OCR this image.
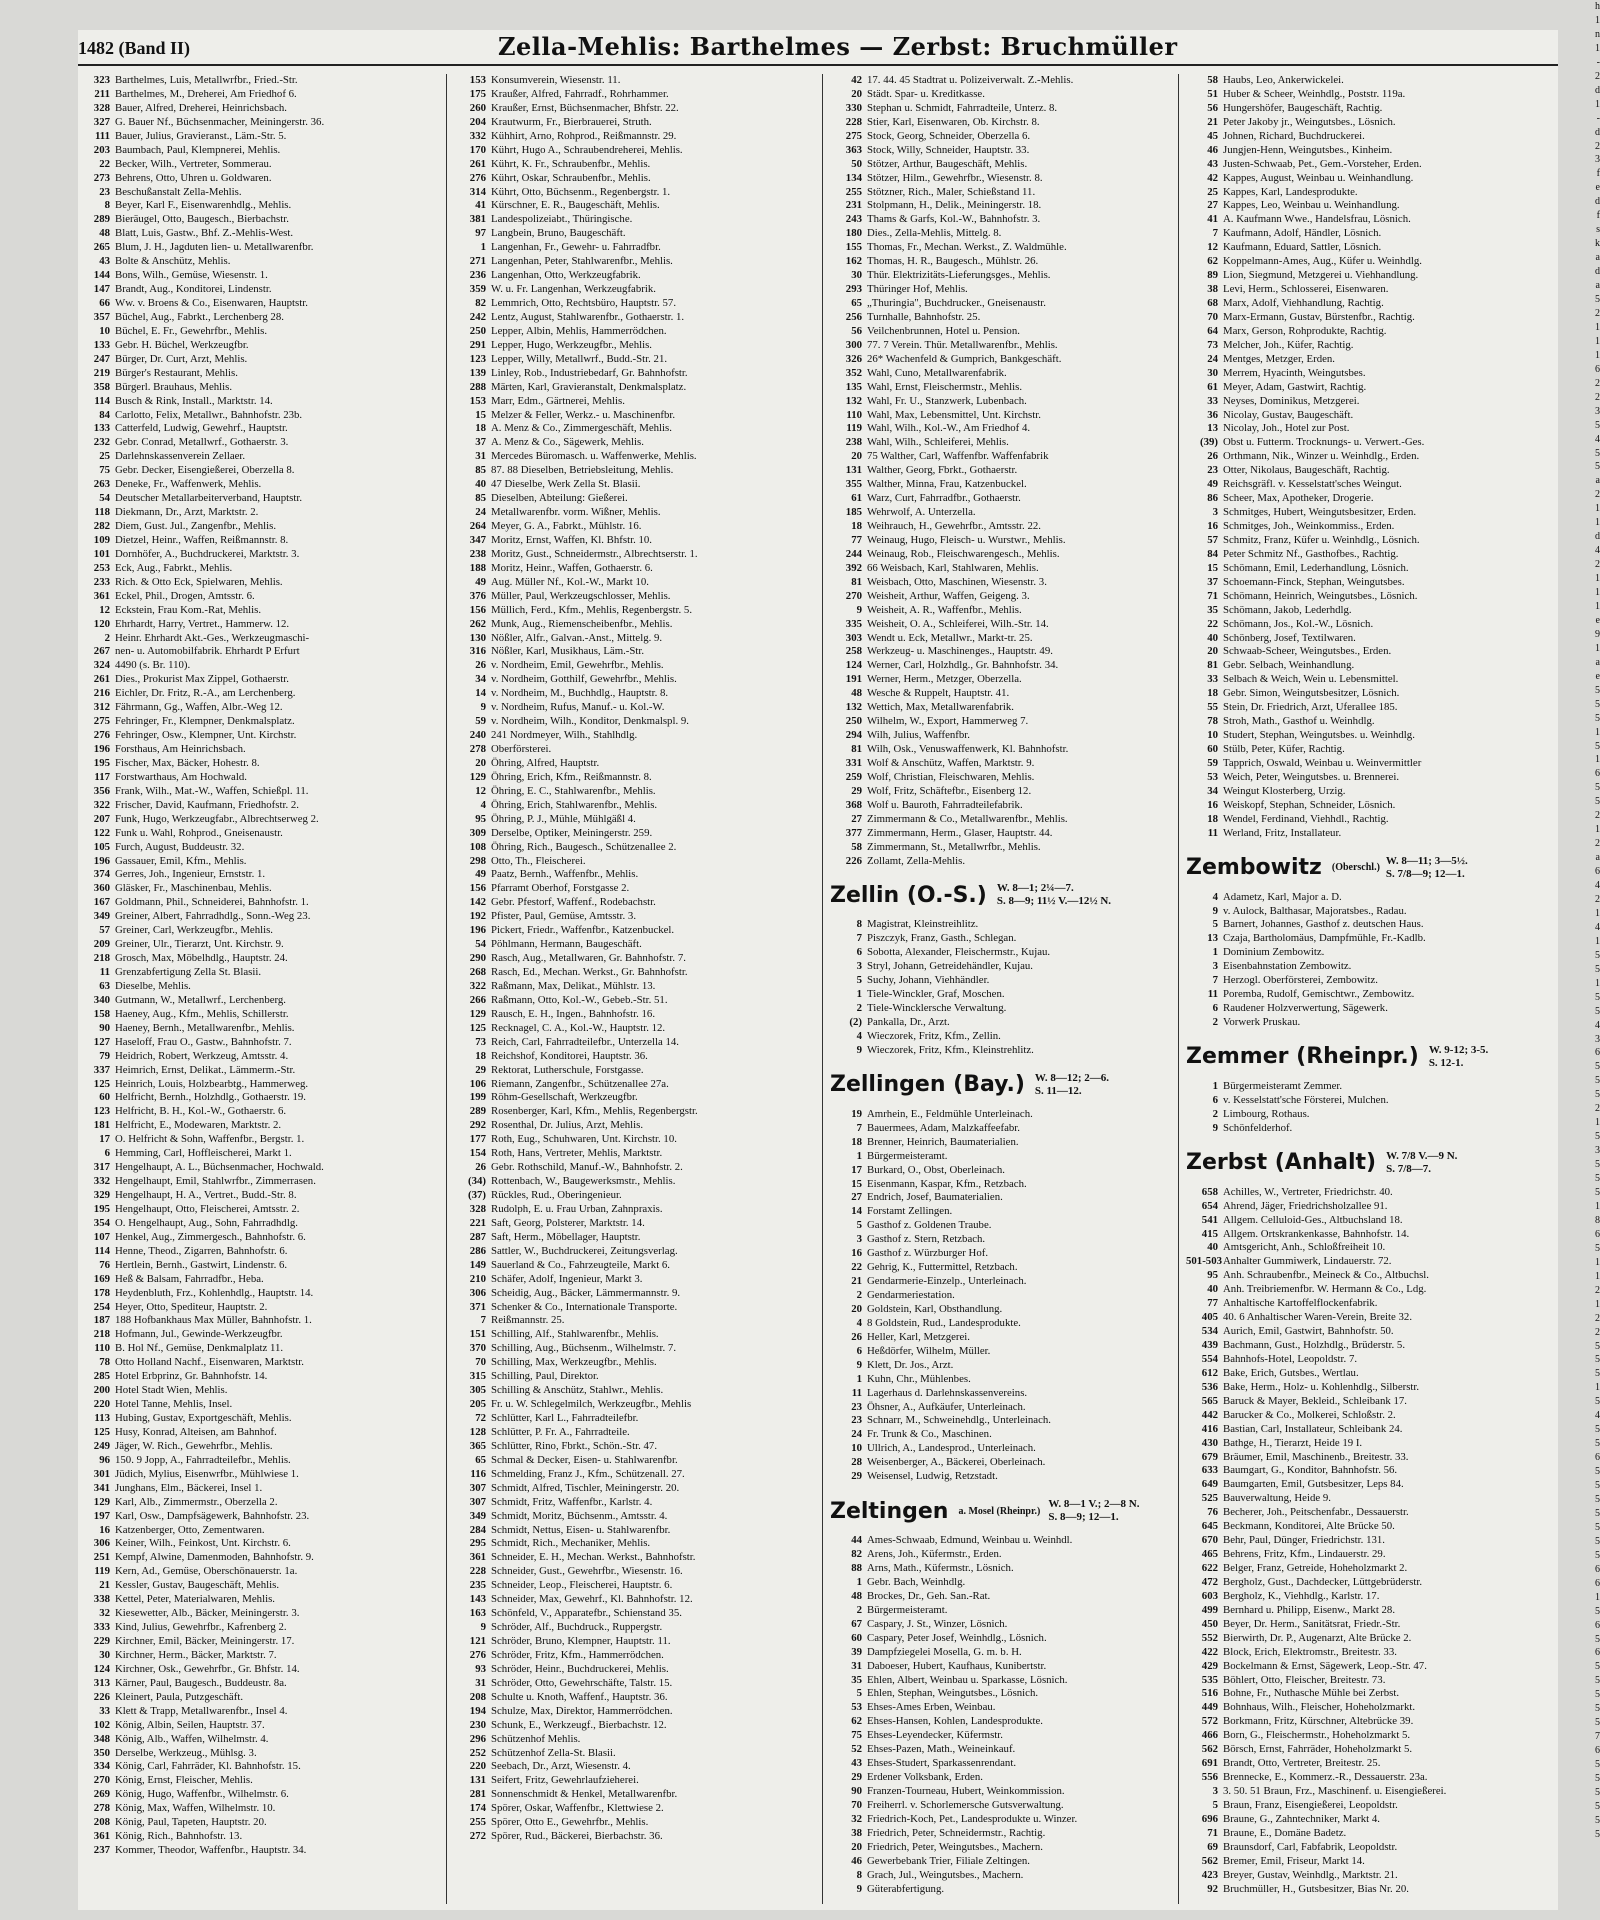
1482 (Band II)	Zella-Mehlis: Barthelmes — Zerbst: Bruchmüller
323 Barthelmes, Luis, Metallwrfbr., Fried.-Str.
211 Barthelmes, M., Dreherei, Am Friedhof 6.
328 Bauer, Alfred, Dreherei, Heinrichsbach.
327 G. Bauer Nf., Büchsenmacher, Meiningerstr. 36.
111 Bauer, Julius, Gravieranst., Läm.-Str. 5.
203 Baumbach, Paul, Klempnerei, Mehlis.
22 Becker, Wilh., Vertreter, Sommerau.
273 Behrens, Otto, Uhren u. Goldwaren.
23 Beschußanstalt Zella-Mehlis.
8 Beyer, Karl F., Eisenwarenhdlg., Mehlis.
289 Bieräugel, Otto, Baugesch., Bierbachstr.
48 Blatt, Luis, Gastw., Bhf. Z.-Mehlis-West.
265 Blum, J. H., Jagduten lien- u. Metallwarenfbr.
43 Bolte & Anschütz, Mehlis.
144 Bons, Wilh., Gemüse, Wiesenstr. 1.
147 Brandt, Aug., Konditorei, Lindenstr.
66 Ww. v. Broens & Co., Eisenwaren, Hauptstr.
357 Büchel, Aug., Fabrkt., Lerchenberg 28.
10 Büchel, E. Fr., Gewehrfbr., Mehlis.
133 Gebr. H. Büchel, Werkzeugfbr.
247 Bürger, Dr. Curt, Arzt, Mehlis.
219 Bürger's Restaurant, Mehlis.
358 Bürgerl. Brauhaus, Mehlis.
114 Busch & Rink, Install., Marktstr. 14.
84 Carlotto, Felix, Metallwr., Bahnhofstr. 23b.
133 Catterfeld, Ludwig, Gewehrf., Hauptstr.
232 Gebr. Conrad, Metallwrf., Gothaerstr. 3.
25 Darlehnskassenverein Zellaer.
75 Gebr. Decker, Eisengießerei, Oberzella 8.
263 Deneke, Fr., Waffenwerk, Mehlis.
54 Deutscher Metallarbeiterverband, Hauptstr.
118 Diekmann, Dr., Arzt, Marktstr. 2.
282 Diem, Gust. Jul., Zangenfbr., Mehlis.
109 Dietzel, Heinr., Waffen, Reißmannstr. 8.
101 Dornhöfer, A., Buchdruckerei, Marktstr. 3.
253 Eck, Aug., Fabrkt., Mehlis.
233 Rich. & Otto Eck, Spielwaren, Mehlis.
361 Eckel, Phil., Drogen, Amtsstr. 6.
12 Eckstein, Frau Kom.-Rat, Mehlis.
120 Ehrhardt, Harry, Vertret., Hammerw. 12.
2 Heinr. Ehrhardt Akt.-Ges., Werkzeugmaschi-
267 nen- u. Automobilfabrik. Ehrhardt P Erfurt
324 4490 (s. Br. 110).
261 Dies., Prokurist Max Zippel, Gothaerstr.
216 Eichler, Dr. Fritz, R.-A., am Lerchenberg.
312 Fährmann, Gg., Waffen, Albr.-Weg 12.
275 Fehringer, Fr., Klempner, Denkmalsplatz.
276 Fehringer, Osw., Klempner, Unt. Kirchstr.
196 Forsthaus, Am Heinrichsbach.
195 Fischer, Max, Bäcker, Hohestr. 8.
117 Forstwarthaus, Am Hochwald.
356 Frank, Wilh., Mat.-W., Waffen, Schießpl. 11.
322 Frischer, David, Kaufmann, Friedhofstr. 2.
207 Funk, Hugo, Werkzeugfabr., Albrechtserweg 2.
122 Funk u. Wahl, Rohprod., Gneisenaustr.
105 Furch, August, Buddeustr. 32.
196 Gassauer, Emil, Kfm., Mehlis.
374 Gerres, Joh., Ingenieur, Ernststr. 1.
360 Gläsker, Fr., Maschinenbau, Mehlis.
167 Goldmann, Phil., Schneiderei, Bahnhofstr. 1.
349 Greiner, Albert, Fahrradhdlg., Sonn.-Weg 23.
57 Greiner, Carl, Werkzeugfbr., Mehlis.
209 Greiner, Ulr., Tierarzt, Unt. Kirchstr. 9.
218 Grosch, Max, Möbelhdlg., Hauptstr. 24.
11 Grenzabfertigung Zella St. Blasii.
63 Dieselbe, Mehlis.
340 Gutmann, W., Metallwrf., Lerchenberg.
158 Haeney, Aug., Kfm., Mehlis, Schillerstr.
90 Haeney, Bernh., Metallwarenfbr., Mehlis.
127 Haseloff, Frau O., Gastw., Bahnhofstr. 7.
79 Heidrich, Robert, Werkzeug, Amtsstr. 4.
337 Heimrich, Ernst, Delikat., Lämmerm.-Str.
125 Heinrich, Louis, Holzbearbtg., Hammerweg.
60 Helfricht, Bernh., Holzhdlg., Gothaerstr. 19.
123 Helfricht, B. H., Kol.-W., Gothaerstr. 6.
181 Helfricht, E., Modewaren, Marktstr. 2.
17 O. Helfricht & Sohn, Waffenfbr., Bergstr. 1.
6 Hemming, Carl, Hoffleischerei, Markt 1.
317 Hengelhaupt, A. L., Büchsenmacher, Hochwald.
332 Hengelhaupt, Emil, Stahlwrfbr., Zimmerrasen.
329 Hengelhaupt, H. A., Vertret., Budd.-Str. 8.
195 Hengelhaupt, Otto, Fleischerei, Amtsstr. 2.
354 O. Hengelhaupt, Aug., Sohn, Fahrradhdlg.
107 Henkel, Aug., Zimmergesch., Bahnhofstr. 6.
114 Henne, Theod., Zigarren, Bahnhofstr. 6.
76 Hertlein, Bernh., Gastwirt, Lindenstr. 6.
169 Heß & Balsam, Fahrradfbr., Heba.
178 Heydenbluth, Frz., Kohlenhdlg., Hauptstr. 14.
254 Heyer, Otto, Spediteur, Hauptstr. 2.
187 188 Hofbankhaus Max Müller, Bahnhofstr. 1.
218 Hofmann, Jul., Gewinde-Werkzeugfbr.
110 B. Hol Nf., Gemüse, Denkmalplatz 11.
78 Otto Holland Nachf., Eisenwaren, Marktstr.
285 Hotel Erbprinz, Gr. Bahnhofstr. 14.
200 Hotel Stadt Wien, Mehlis.
220 Hotel Tanne, Mehlis, Insel.
113 Hubing, Gustav, Exportgeschäft, Mehlis.
125 Husy, Konrad, Alteisen, am Bahnhof.
249 Jäger, W. Rich., Gewehrfbr., Mehlis.
96 150. 9 Jopp, A., Fahrradteilefbr., Mehlis.
301 Jüdich, Mylius, Eisenwrfbr., Mühlwiese 1.
341 Junghans, Elm., Bäckerei, Insel 1.
129 Karl, Alb., Zimmermstr., Oberzella 2.
197 Karl, Osw., Dampfsägewerk, Bahnhofstr. 23.
16 Katzenberger, Otto, Zementwaren.
306 Keiner, Wilh., Feinkost, Unt. Kirchstr. 6.
251 Kempf, Alwine, Damenmoden, Bahnhofstr. 9.
119 Kern, Ad., Gemüse, Oberschönauerstr. 1a.
21 Kessler, Gustav, Baugeschäft, Mehlis.
338 Kettel, Peter, Materialwaren, Mehlis.
32 Kiesewetter, Alb., Bäcker, Meiningerstr. 3.
333 Kind, Julius, Gewehrfbr., Kafrenberg 2.
229 Kirchner, Emil, Bäcker, Meiningerstr. 17.
30 Kirchner, Herm., Bäcker, Marktstr. 7.
124 Kirchner, Osk., Gewehrfbr., Gr. Bhfstr. 14.
313 Kärner, Paul, Baugesch., Buddeustr. 8a.
226 Kleinert, Paula, Putzgeschäft.
33 Klett & Trapp, Metallwarenfbr., Insel 4.
102 König, Albin, Seilen, Hauptstr. 37.
348 König, Alb., Waffen, Wilhelmstr. 4.
350 Derselbe, Werkzeug., Mühlsg. 3.
334 König, Carl, Fahrräder, Kl. Bahnhofstr. 15.
270 König, Ernst, Fleischer, Mehlis.
269 König, Hugo, Waffenfbr., Wilhelmstr. 6.
278 König, Max, Waffen, Wilhelmstr. 10.
208 König, Paul, Tapeten, Hauptstr. 20.
361 König, Rich., Bahnhofstr. 13.
237 Kommer, Theodor, Waffenfbr., Hauptstr. 34.
153 Konsumverein, Wiesenstr. 11.
175 Kraußer, Alfred, Fahrradf., Rohrhammer.
260 Kraußer, Ernst, Büchsenmacher, Bhfstr. 22.
204 Krautwurm, Fr., Bierbrauerei, Struth.
332 Kühhirt, Arno, Rohprod., Reißmannstr. 29.
170 Kührt, Hugo A., Schraubendreherei, Mehlis.
261 Kührt, K. Fr., Schraubenfbr., Mehlis.
276 Kührt, Oskar, Schraubenfbr., Mehlis.
314 Kührt, Otto, Büchsenm., Regenbergstr. 1.
41 Kürschner, E. R., Baugeschäft, Mehlis.
381 Landespolizeiabt., Thüringische.
97 Langbein, Bruno, Baugeschäft.
1 Langenhan, Fr., Gewehr- u. Fahrradfbr.
271 Langenhan, Peter, Stahlwarenfbr., Mehlis.
236 Langenhan, Otto, Werkzeugfabrik.
359 W. u. Fr. Langenhan, Werkzeugfabrik.
82 Lemmrich, Otto, Rechtsbüro, Hauptstr. 57.
242 Lentz, August, Stahlwarenfbr., Gothaerstr. 1.
250 Lepper, Albin, Mehlis, Hammerrödchen.
291 Lepper, Hugo, Werkzeugfbr., Mehlis.
123 Lepper, Willy, Metallwrf., Budd.-Str. 21.
139 Linley, Rob., Industriebedarf, Gr. Bahnhofstr.
288 Märten, Karl, Gravieranstalt, Denkmalsplatz.
153 Marr, Edm., Gärtnerei, Mehlis.
15 Melzer & Feller, Werkz.- u. Maschinenfbr.
18 A. Menz & Co., Zimmergeschäft, Mehlis.
37 A. Menz & Co., Sägewerk, Mehlis.
31 Mercedes Büromasch. u. Waffenwerke, Mehlis.
85 87. 88 Dieselben, Betriebsleitung, Mehlis.
40 47 Dieselbe, Werk Zella St. Blasii.
85 Dieselben, Abteilung: Gießerei.
24 Metallwarenfbr. vorm. Wißner, Mehlis.
264 Meyer, G. A., Fabrkt., Mühlstr. 16.
347 Moritz, Ernst, Waffen, Kl. Bhfstr. 10.
238 Moritz, Gust., Schneidermstr., Albrechtserstr. 1.
188 Moritz, Heinr., Waffen, Gothaerstr. 6.
49 Aug. Müller Nf., Kol.-W., Markt 10.
376 Müller, Paul, Werkzeugschlosser, Mehlis.
156 Müllich, Ferd., Kfm., Mehlis, Regenbergstr. 5.
262 Munk, Aug., Riemenscheibenfbr., Mehlis.
130 Nößler, Alfr., Galvan.-Anst., Mittelg. 9.
316 Nößler, Karl, Musikhaus, Läm.-Str.
26 v. Nordheim, Emil, Gewehrfbr., Mehlis.
34 v. Nordheim, Gotthilf, Gewehrfbr., Mehlis.
14 v. Nordheim, M., Buchhdlg., Hauptstr. 8.
9 v. Nordheim, Rufus, Manuf.- u. Kol.-W.
59 v. Nordheim, Wilh., Konditor, Denkmalspl. 9.
240 241 Nordmeyer, Wilh., Stahlhdlg.
278 Oberförsterei.
20 Öhring, Alfred, Hauptstr.
129 Öhring, Erich, Kfm., Reißmannstr. 8.
12 Öhring, E. C., Stahlwarenfbr., Mehlis.
4 Öhring, Erich, Stahlwarenfbr., Mehlis.
95 Öhring, P. J., Mühle, Mühlgäßl 4.
309 Derselbe, Optiker, Meiningerstr. 259.
108 Öhring, Rich., Baugesch., Schützenallee 2.
298 Otto, Th., Fleischerei.
49 Paatz, Bernh., Waffenfbr., Mehlis.
156 Pfarramt Oberhof, Forstgasse 2.
142 Gebr. Pfestorf, Waffenf., Rodebachstr.
192 Pfister, Paul, Gemüse, Amtsstr. 3.
196 Pickert, Friedr., Waffenfbr., Katzenbuckel.
54 Pöhlmann, Hermann, Baugeschäft.
290 Rasch, Aug., Metallwaren, Gr. Bahnhofstr. 7.
268 Rasch, Ed., Mechan. Werkst., Gr. Bahnhofstr.
322 Raßmann, Max, Delikat., Mühlstr. 13.
266 Raßmann, Otto, Kol.-W., Gebeb.-Str. 51.
129 Rausch, E. H., Ingen., Bahnhofstr. 16.
125 Recknagel, C. A., Kol.-W., Hauptstr. 12.
73 Reich, Carl, Fahrradteilefbr., Unterzella 14.
18 Reichshof, Konditorei, Hauptstr. 36.
29 Rektorat, Lutherschule, Forstgasse.
106 Riemann, Zangenfbr., Schützenallee 27a.
199 Röhm-Gesellschaft, Werkzeugfbr.
289 Rosenberger, Karl, Kfm., Mehlis, Regenbergstr.
292 Rosenthal, Dr. Julius, Arzt, Mehlis.
177 Roth, Eug., Schuhwaren, Unt. Kirchstr. 10.
154 Roth, Hans, Vertreter, Mehlis, Marktstr.
26 Gebr. Rothschild, Manuf.-W., Bahnhofstr. 2.
(34) Rottenbach, W., Baugewerksmstr., Mehlis.
(37) Rückles, Rud., Oberingenieur.
328 Rudolph, E. u. Frau Urban, Zahnpraxis.
221 Saft, Georg, Polsterer, Marktstr. 14.
287 Saft, Herm., Möbellager, Hauptstr.
286 Sattler, W., Buchdruckerei, Zeitungsverlag.
149 Sauerland & Co., Fahrzeugteile, Markt 6.
210 Schäfer, Adolf, Ingenieur, Markt 3.
306 Scheidig, Aug., Bäcker, Lämmermannstr. 9.
371 Schenker & Co., Internationale Transporte.
7 Reißmannstr. 25.
151 Schilling, Alf., Stahlwarenfbr., Mehlis.
370 Schilling, Aug., Büchsenm., Wilhelmstr. 7.
70 Schilling, Max, Werkzeugfbr., Mehlis.
315 Schilling, Paul, Direktor.
305 Schilling & Anschütz, Stahlwr., Mehlis.
205 Fr. u. W. Schlegelmilch, Werkzeugfbr., Mehlis
72 Schlütter, Karl L., Fahrradteilefbr.
128 Schlütter, P. Fr. A., Fahrradteile.
365 Schlütter, Rino, Fbrkt., Schön.-Str. 47.
65 Schmal & Decker, Eisen- u. Stahlwarenfbr.
116 Schmelding, Franz J., Kfm., Schützenall. 27.
307 Schmidt, Alfred, Tischler, Meiningerstr. 20.
307 Schmidt, Fritz, Waffenfbr., Karlstr. 4.
349 Schmidt, Moritz, Büchsenm., Amtsstr. 4.
284 Schmidt, Nettus, Eisen- u. Stahlwarenfbr.
295 Schmidt, Rich., Mechaniker, Mehlis.
361 Schneider, E. H., Mechan. Werkst., Bahnhofstr.
228 Schneider, Gust., Gewehrfbr., Wiesenstr. 16.
235 Schneider, Leop., Fleischerei, Hauptstr. 6.
143 Schneider, Max, Gewehrf., Kl. Bahnhofstr. 12.
163 Schönfeld, V., Apparatefbr., Schienstand 35.
9 Schröder, Alf., Buchdruck., Ruppergstr.
121 Schröder, Bruno, Klempner, Hauptstr. 11.
276 Schröder, Fritz, Kfm., Hammerrödchen.
93 Schröder, Heinr., Buchdruckerei, Mehlis.
31 Schröder, Otto, Gewehrschäfte, Talstr. 15.
208 Schulte u. Knoth, Waffenf., Hauptstr. 36.
194 Schulze, Max, Direktor, Hammerrödchen.
230 Schunk, E., Werkzeugf., Bierbachstr. 12.
296 Schützenhof Mehlis.
252 Schützenhof Zella-St. Blasii.
220 Seebach, Dr., Arzt, Wiesenstr. 4.
131 Seifert, Fritz, Gewehrlaufzieherei.
281 Sonnenschmidt & Henkel, Metallwarenfbr.
174 Spörer, Oskar, Waffenfbr., Klettwiese 2.
255 Spörer, Otto E., Gewehrfbr., Mehlis.
272 Spörer, Rud., Bäckerei, Bierbachstr. 36.
42 17. 44. 45 Stadtrat u. Polizeiverwalt. Z.-Mehlis.
20 Städt. Spar- u. Kreditkasse.
330 Stephan u. Schmidt, Fahrradteile, Unterz. 8.
228 Stier, Karl, Eisenwaren, Ob. Kirchstr. 8.
275 Stock, Georg, Schneider, Oberzella 6.
363 Stock, Willy, Schneider, Hauptstr. 33.
50 Stötzer, Arthur, Baugeschäft, Mehlis.
134 Stötzer, Hilm., Gewehrfbr., Wiesenstr. 8.
255 Stötzner, Rich., Maler, Schießstand 11.
231 Stolpmann, H., Delik., Meiningerstr. 18.
243 Thams & Garfs, Kol.-W., Bahnhofstr. 3.
180 Dies., Zella-Mehlis, Mittelg. 8.
155 Thomas, Fr., Mechan. Werkst., Z. Waldmühle.
162 Thomas, H. R., Baugesch., Mühlstr. 26.
30 Thür. Elektrizitäts-Lieferungsges., Mehlis.
293 Thüringer Hof, Mehlis.
65 „Thuringia", Buchdrucker., Gneisenaustr.
256 Turnhalle, Bahnhofstr. 25.
56 Veilchenbrunnen, Hotel u. Pension.
300 77. 7 Verein. Thür. Metallwarenfbr., Mehlis.
326 26* Wachenfeld & Gumprich, Bankgeschäft.
352 Wahl, Cuno, Metallwarenfabrik.
135 Wahl, Ernst, Fleischermstr., Mehlis.
132 Wahl, Fr. U., Stanzwerk, Lubenbach.
110 Wahl, Max, Lebensmittel, Unt. Kirchstr.
119 Wahl, Wilh., Kol.-W., Am Friedhof 4.
238 Wahl, Wilh., Schleiferei, Mehlis.
20 75 Walther, Carl, Waffenfbr. Waffenfabrik
131 Walther, Georg, Fbrkt., Gothaerstr.
355 Walther, Minna, Frau, Katzenbuckel.
61 Warz, Curt, Fahrradfbr., Gothaerstr.
185 Wehrwolf, A. Unterzella.
18 Weihrauch, H., Gewehrfbr., Amtsstr. 22.
77 Weinaug, Hugo, Fleisch- u. Wurstwr., Mehlis.
244 Weinaug, Rob., Fleischwarengesch., Mehlis.
392 66 Weisbach, Karl, Stahlwaren, Mehlis.
81 Weisbach, Otto, Maschinen, Wiesenstr. 3.
270 Weisheit, Arthur, Waffen, Geigeng. 3.
9 Weisheit, A. R., Waffenfbr., Mehlis.
335 Weisheit, O. A., Schleiferei, Wilh.-Str. 14.
303 Wendt u. Eck, Metallwr., Markt-tr. 25.
258 Werkzeug- u. Maschinenges., Hauptstr. 49.
124 Werner, Carl, Holzhdlg., Gr. Bahnhofstr. 34.
191 Werner, Herm., Metzger, Oberzella.
48 Wesche & Ruppelt, Hauptstr. 41.
132 Wettich, Max, Metallwarenfabrik.
250 Wilhelm, W., Export, Hammerweg 7.
294 Wilh, Julius, Waffenfbr.
81 Wilh, Osk., Venuswaffenwerk, Kl. Bahnhofstr.
331 Wolf & Anschütz, Waffen, Marktstr. 9.
259 Wolf, Christian, Fleischwaren, Mehlis.
29 Wolf, Fritz, Schäftefbr., Eisenberg 12.
368 Wolf u. Bauroth, Fahrradteilefabrik.
27 Zimmermann & Co., Metallwarenfbr., Mehlis.
377 Zimmermann, Herm., Glaser, Hauptstr. 44.
58 Zimmermann, St., Metallwrfbr., Mehlis.
226 Zollamt, Zella-Mehlis.
Zellin (O.-S.) W. 8—1; 2¼—7.
S. 8—9; 11½ V.—12½ N.
8 Magistrat, Kleinstreihlitz.
7 Piszczyk, Franz, Gasth., Schlegan.
6 Sobotta, Alexander, Fleischermstr., Kujau.
3 Stryl, Johann, Getreidehändler, Kujau.
5 Suchy, Johann, Viehhändler.
1 Tiele-Winckler, Graf, Moschen.
2 Tiele-Wincklersche Verwaltung.
(2) Pankalla, Dr., Arzt.
4 Wieczorek, Fritz, Kfm., Zellin.
9 Wieczorek, Fritz, Kfm., Kleinstrehlitz.
Zellingen (Bay.) W. 8—12; 2—6.
S. 11—12.
19 Amrhein, E., Feldmühle Unterleinach.
7 Bauermees, Adam, Malzkaffeefabr.
18 Brenner, Heinrich, Baumaterialien.
1 Bürgermeisteramt.
17 Burkard, O., Obst, Oberleinach.
15 Eisenmann, Kaspar, Kfm., Retzbach.
27 Endrich, Josef, Baumaterialien.
14 Forstamt Zellingen.
5 Gasthof z. Goldenen Traube.
3 Gasthof z. Stern, Retzbach.
16 Gasthof z. Würzburger Hof.
22 Gehrig, K., Futtermittel, Retzbach.
21 Gendarmerie-Einzelp., Unterleinach.
2 Gendarmeriestation.
20 Goldstein, Karl, Obsthandlung.
4 8 Goldstein, Rud., Landesprodukte.
26 Heller, Karl, Metzgerei.
6 Heßdörfer, Wilhelm, Müller.
9 Klett, Dr. Jos., Arzt.
1 Kuhn, Chr., Mühlenbes.
11 Lagerhaus d. Darlehnskassenvereins.
23 Öhsner, A., Aufkäufer, Unterleinach.
23 Schnarr, M., Schweinehdlg., Unterleinach.
24 Fr. Trunk & Co., Maschinen.
10 Ullrich, A., Landesprod., Unterleinach.
28 Weisenberger, A., Bäckerei, Oberleinach.
29 Weisensel, Ludwig, Retzstadt.
Zeltingen a. Mosel (Rheinpr.)
W. 8—1 V.; 2—8 N.
S. 8—9; 12—1.
44 Ames-Schwaab, Edmund, Weinbau u. Weinhdl.
82 Arens, Joh., Küfermstr., Erden.
88 Arns, Math., Küfermstr., Lösnich.
1 Gebr. Bach, Weinhdlg.
48 Brockes, Dr., Geh. San.-Rat.
2 Bürgermeisteramt.
67 Caspary, J. St., Winzer, Lösnich.
60 Caspary, Peter Josef, Weinhdlg., Lösnich.
39 Dampfziegelei Mosella, G. m. b. H.
31 Daboeser, Hubert, Kaufhaus, Kunibertstr.
35 Ehlen, Albert, Weinbau u. Sparkasse, Lösnich.
5 Ehlen, Stephan, Weingutsbes., Lösnich.
53 Ehses-Ames Erben, Weinbau.
62 Ehses-Hansen, Kohlen, Landesprodukte.
75 Ehses-Leyendecker, Küfermstr.
52 Ehses-Pazen, Math., Weineinkauf.
43 Ehses-Studert, Sparkassenrendant.
29 Erdener Volksbank, Erden.
90 Franzen-Tourneau, Hubert, Weinkommission.
70 Freiherrl. v. Schorlemersche Gutsverwaltung.
32 Friedrich-Koch, Pet., Landesprodukte u. Winzer.
38 Friedrich, Peter, Schneidermstr., Rachtig.
20 Friedrich, Peter, Weingutsbes., Machern.
46 Gewerbebank Trier, Filiale Zeltingen.
8 Grach, Jul., Weingutsbes., Machern.
9 Güterabfertigung.
58 Haubs, Leo, Ankerwickelei.
51 Huber & Scheer, Weinhdlg., Poststr. 119a.
56 Hungershöfer, Baugeschäft, Rachtig.
21 Peter Jakoby jr., Weingutsbes., Lösnich.
45 Johnen, Richard, Buchdruckerei.
46 Jungjen-Henn, Weingutsbes., Kinheim.
43 Justen-Schwaab, Pet., Gem.-Vorsteher, Erden.
42 Kappes, August, Weinbau u. Weinhandlung.
25 Kappes, Karl, Landesprodukte.
27 Kappes, Leo, Weinbau u. Weinhandlung.
41 A. Kaufmann Wwe., Handelsfrau, Lösnich.
7 Kaufmann, Adolf, Händler, Lösnich.
12 Kaufmann, Eduard, Sattler, Lösnich.
62 Koppelmann-Ames, Aug., Küfer u. Weinhdlg.
89 Lion, Siegmund, Metzgerei u. Viehhandlung.
38 Levi, Herm., Schlosserei, Eisenwaren.
68 Marx, Adolf, Viehhandlung, Rachtig.
70 Marx-Ermann, Gustav, Bürstenfbr., Rachtig.
64 Marx, Gerson, Rohprodukte, Rachtig.
73 Melcher, Joh., Küfer, Rachtig.
24 Mentges, Metzger, Erden.
30 Merrem, Hyacinth, Weingutsbes.
61 Meyer, Adam, Gastwirt, Rachtig.
33 Neyses, Dominikus, Metzgerei.
36 Nicolay, Gustav, Baugeschäft.
13 Nicolay, Joh., Hotel zur Post.
(39) Obst u. Futterm. Trocknungs- u. Verwert.-Ges.
26 Orthmann, Nik., Winzer u. Weinhdlg., Erden.
23 Otter, Nikolaus, Baugeschäft, Rachtig.
49 Reichsgräfl. v. Kesselstatt'sches Weingut.
86 Scheer, Max, Apotheker, Drogerie.
3 Schmitges, Hubert, Weingutsbesitzer, Erden.
16 Schmitges, Joh., Weinkommiss., Erden.
57 Schmitz, Franz, Küfer u. Weinhdlg., Lösnich.
84 Peter Schmitz Nf., Gasthofbes., Rachtig.
15 Schömann, Emil, Lederhandlung, Lösnich.
37 Schoemann-Finck, Stephan, Weingutsbes.
71 Schömann, Heinrich, Weingutsbes., Lösnich.
35 Schömann, Jakob, Lederhdlg.
22 Schömann, Jos., Kol.-W., Lösnich.
40 Schönberg, Josef, Textilwaren.
20 Schwaab-Scheer, Weingutsbes., Erden.
81 Gebr. Selbach, Weinhandlung.
33 Selbach & Weich, Wein u. Lebensmittel.
18 Gebr. Simon, Weingutsbesitzer, Lösnich.
55 Stein, Dr. Friedrich, Arzt, Uferallee 185.
78 Stroh, Math., Gasthof u. Weinhdlg.
10 Studert, Stephan, Weingutsbes. u. Weinhdlg.
60 Stülb, Peter, Küfer, Rachtig.
59 Tapprich, Oswald, Weinbau u. Weinvermittler
53 Weich, Peter, Weingutsbes. u. Brennerei.
34 Weingut Klosterberg, Urzig.
16 Weiskopf, Stephan, Schneider, Lösnich.
18 Wendel, Ferdinand, Viehhdl., Rachtig.
11 Werland, Fritz, Installateur.
Zembowitz (Oberschl.)
W. 8—11; 3—5½.
S. 7/8—9; 12—1.
4 Adametz, Karl, Major a. D.
9 v. Aulock, Balthasar, Majoratsbes., Radau.
5 Barnert, Johannes, Gasthof z. deutschen Haus.
13 Czaja, Bartholomäus, Dampfmühle, Fr.-Kadlb.
1 Dominium Zembowitz.
3 Eisenbahnstation Zembowitz.
7 Herzogl. Oberförsterei, Zembowitz.
11 Poremba, Rudolf, Gemischtwr., Zembowitz.
6 Raudener Holzverwertung, Sägewerk.
2 Vorwerk Pruskau.
Zemmer (Rheinpr.) W. 9-12; 3-5.
S. 12-1.
1 Bürgermeisteramt Zemmer.
6 v. Kesselstatt'sche Försterei, Mulchen.
2 Limbourg, Rothaus.
9 Schönfelderhof.
Zerbst (Anhalt) W. 7/8 V.—9 N.
S. 7/8—7.
658 Achilles, W., Vertreter, Friedrichstr. 40.
654 Ahrend, Jäger, Friedrichsholzallee 91.
541 Allgem. Celluloid-Ges., Altbuchsland 18.
415 Allgem. Ortskrankenkasse, Bahnhofstr. 14.
40 Amtsgericht, Anh., Schloßfreiheit 10.
501-503 Anhalter Gummiwerk, Lindauerstr. 72.
95 Anh. Schraubenfbr., Meineck & Co., Altbuchsl.
40 Anh. Treibriemenfbr. W. Hermann & Co., Ldg.
77 Anhaltische Kartoffelflockenfabrik.
405 40. 6 Anhaltischer Waren-Verein, Breite 32.
534 Aurich, Emil, Gastwirt, Bahnhofstr. 50.
439 Bachmann, Gust., Holzhdlg., Brüderstr. 5.
554 Bahnhofs-Hotel, Leopoldstr. 7.
612 Bake, Erich, Gutsbes., Wertlau.
536 Bake, Herm., Holz- u. Kohlenhdlg., Silberstr.
565 Baruck & Mayer, Bekleid., Schleibank 17.
442 Barucker & Co., Molkerei, Schloßstr. 2.
416 Bastian, Carl, Installateur, Schleibank 24.
430 Bathge, H., Tierarzt, Heide 19 I.
679 Bräumer, Emil, Maschinenb., Breitestr. 33.
633 Baumgart, G., Konditor, Bahnhofstr. 56.
649 Baumgarten, Emil, Gutsbesitzer, Leps 84.
525 Bauverwaltung, Heide 9.
76 Becherer, Joh., Peitschenfabr., Dessauerstr.
645 Beckmann, Konditorei, Alte Brücke 50.
670 Behr, Paul, Dünger, Friedrichstr. 131.
465 Behrens, Fritz, Kfm., Lindauerstr. 29.
622 Belger, Franz, Getreide, Hoheholzmarkt 2.
472 Bergholz, Gust., Dachdecker, Lüttgebrüderstr.
603 Bergholz, K., Viehhdlg., Karlstr. 17.
499 Bernhard u. Philipp, Eisenw., Markt 28.
450 Beyer, Dr. Herm., Sanitätsrat, Friedr.-Str.
552 Bierwirth, Dr. P., Augenarzt, Alte Brücke 2.
422 Block, Erich, Elektromstr., Breitestr. 33.
429 Bockelmann & Ernst, Sägewerk, Leop.-Str. 47.
535 Böhlert, Otto, Fleischer, Breitestr. 73.
516 Bohne, Fr., Nuthasche Mühle bei Zerbst.
449 Bohnhaus, Wilh., Fleischer, Hoheholzmarkt.
572 Borkmann, Fritz, Kürschner, Altebrücke 39.
466 Born, G., Fleischermstr., Hoheholzmarkt 5.
562 Börsch, Ernst, Fahrräder, Hoheholzmarkt 5.
691 Brandt, Otto, Vertreter, Breitestr. 25.
556 Brennecke, E., Kommerz.-R., Dessauerstr. 23a.
3 3. 50. 51 Braun, Frz., Maschinenf. u. Eisengießerei.
5 Braun, Franz, Eisengießerei, Leopoldstr.
696 Braune, G., Zahntechniker, Markt 4.
71 Braune, E., Domäne Badetz.
69 Braunsdorf, Carl, Fabfabrik, Leopoldstr.
562 Bremer, Emil, Friseur, Markt 14.
423 Breyer, Gustav, Weinhdlg., Marktstr. 21.
92 Bruchmüller, H., Gutsbesitzer, Bias Nr. 20.
h
1
n
1
-
2
d
1
-
d
2
3
f
e
d
f
s
k
a
d
a
5
2
1
1
1
6
2
2
3
5
4
5
5
a
2
1
1
d
4
2
1
1
1
e
9
1
a
e
5
5
5
1
5
1
6
5
5
2
1
2
a
6
4
2
1
4
1
5
5
1
5
5
4
3
6
5
5
5
2
1
5
3
5
5
5
1
8
6
5
1
1
2
1
2
2
5
5
5
1
5
4
5
5
6
5
5
5
5
5
5
5
6
6
1
5
6
5
6
5
5
5
5
5
7
6
5
5
5
5
5
5
